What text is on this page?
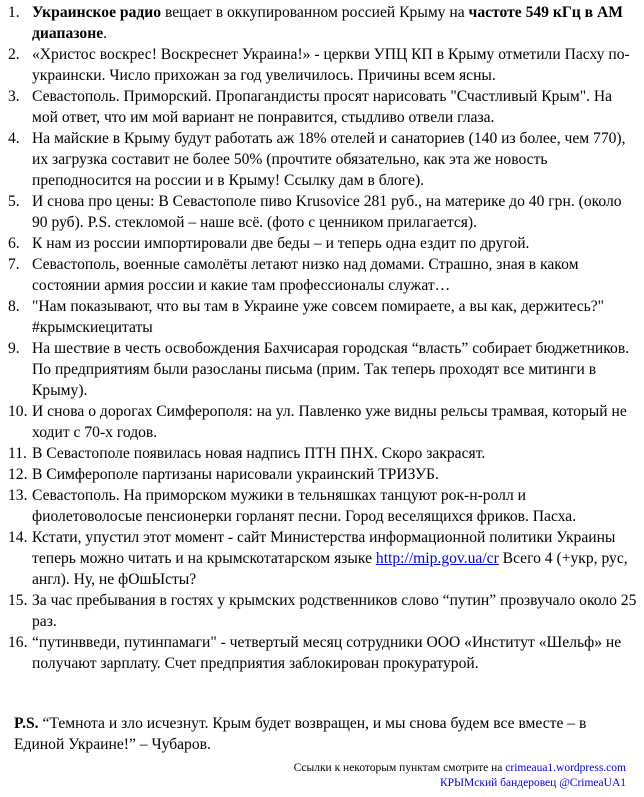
1. Украинское радио вещает в оккупированном россией Крыму на частоте 549 кГц в АМ диапазоне.
2. «Христос воскрес! Воскреснет Украина!» - церкви УПЦ КП в Крыму отметили Пасху по-украински. Число прихожан за год увеличилось. Причины всем ясны.
3. Севастополь. Приморский. Пропагандисты просят нарисовать "Счастливый Крым". На мой ответ, что им мой вариант не понравится, стыдливо отвели глаза.
4. На майские в Крыму будут работать аж 18% отелей и санаториев (140 из более, чем 770), их загрузка составит не более 50% (прочтите обязательно, как эта же новость преподносится на россии и в Крыму! Ссылку дам в блоге).
5. И снова про цены: В Севастополе пиво Krusovice 281 руб., на материке до 40 грн. (около 90 руб). P.S. стекломой – наше всё. (фото с ценником прилагается).
6. К нам из россии импортировали две беды – и теперь одна ездит по другой.
7. Севастополь, военные самолёты летают низко над домами. Страшно, зная в каком состоянии армия россии и какие там профессионалы служат…
8. "Нам показывают, что вы там в Украине уже совсем помираете, а вы как, держитесь?" #крымскиецитаты
9. На шествие в честь освобождения Бахчисарая городская “власть” собирает бюджетников. По предприятиям были разосланы письма (прим. Так теперь проходят все митинги в Крыму).
10. И снова о дорогах Симферополя: на ул. Павленко уже видны рельсы трамвая, который не ходит с 70-х годов.
11. В Севастополе появилась новая надпись ПТН ПНХ. Скоро закрасят.
12. В Симферополе партизаны нарисовали украинский ТРИЗУБ.
13. Севастополь. На приморском мужики в тельняшках танцуют рок-н-ролл и фиолетоволосые пенсионерки горланят песни. Город веселящихся фриков. Пасха.
14. Кстати, упустил этот момент - сайт Министерства информационной политики Украины теперь можно читать и на крымскотатарском языке http://mip.gov.ua/cr Всего 4 (+укр, рус, англ). Ну, не фОшЫсты?
15. За час пребывания в гостях у крымских родственников слово “путин” прозвучало около 25 раз.
16. “путинвведи, путинпамаги" - четвертый месяц сотрудники ООО «Институт «Шельф» не получают зарплату. Счет предприятия заблокирован прокуратурой.
P.S. “Темнота и зло исчезнут. Крым будет возвращен, и мы снова будем все вместе – в Единой Украине!” – Чубаров.
Ссылки к некоторым пунктам смотрите на crimeaua1.wordpress.com
КРЫМский бандеровец @CrimeaUA1
